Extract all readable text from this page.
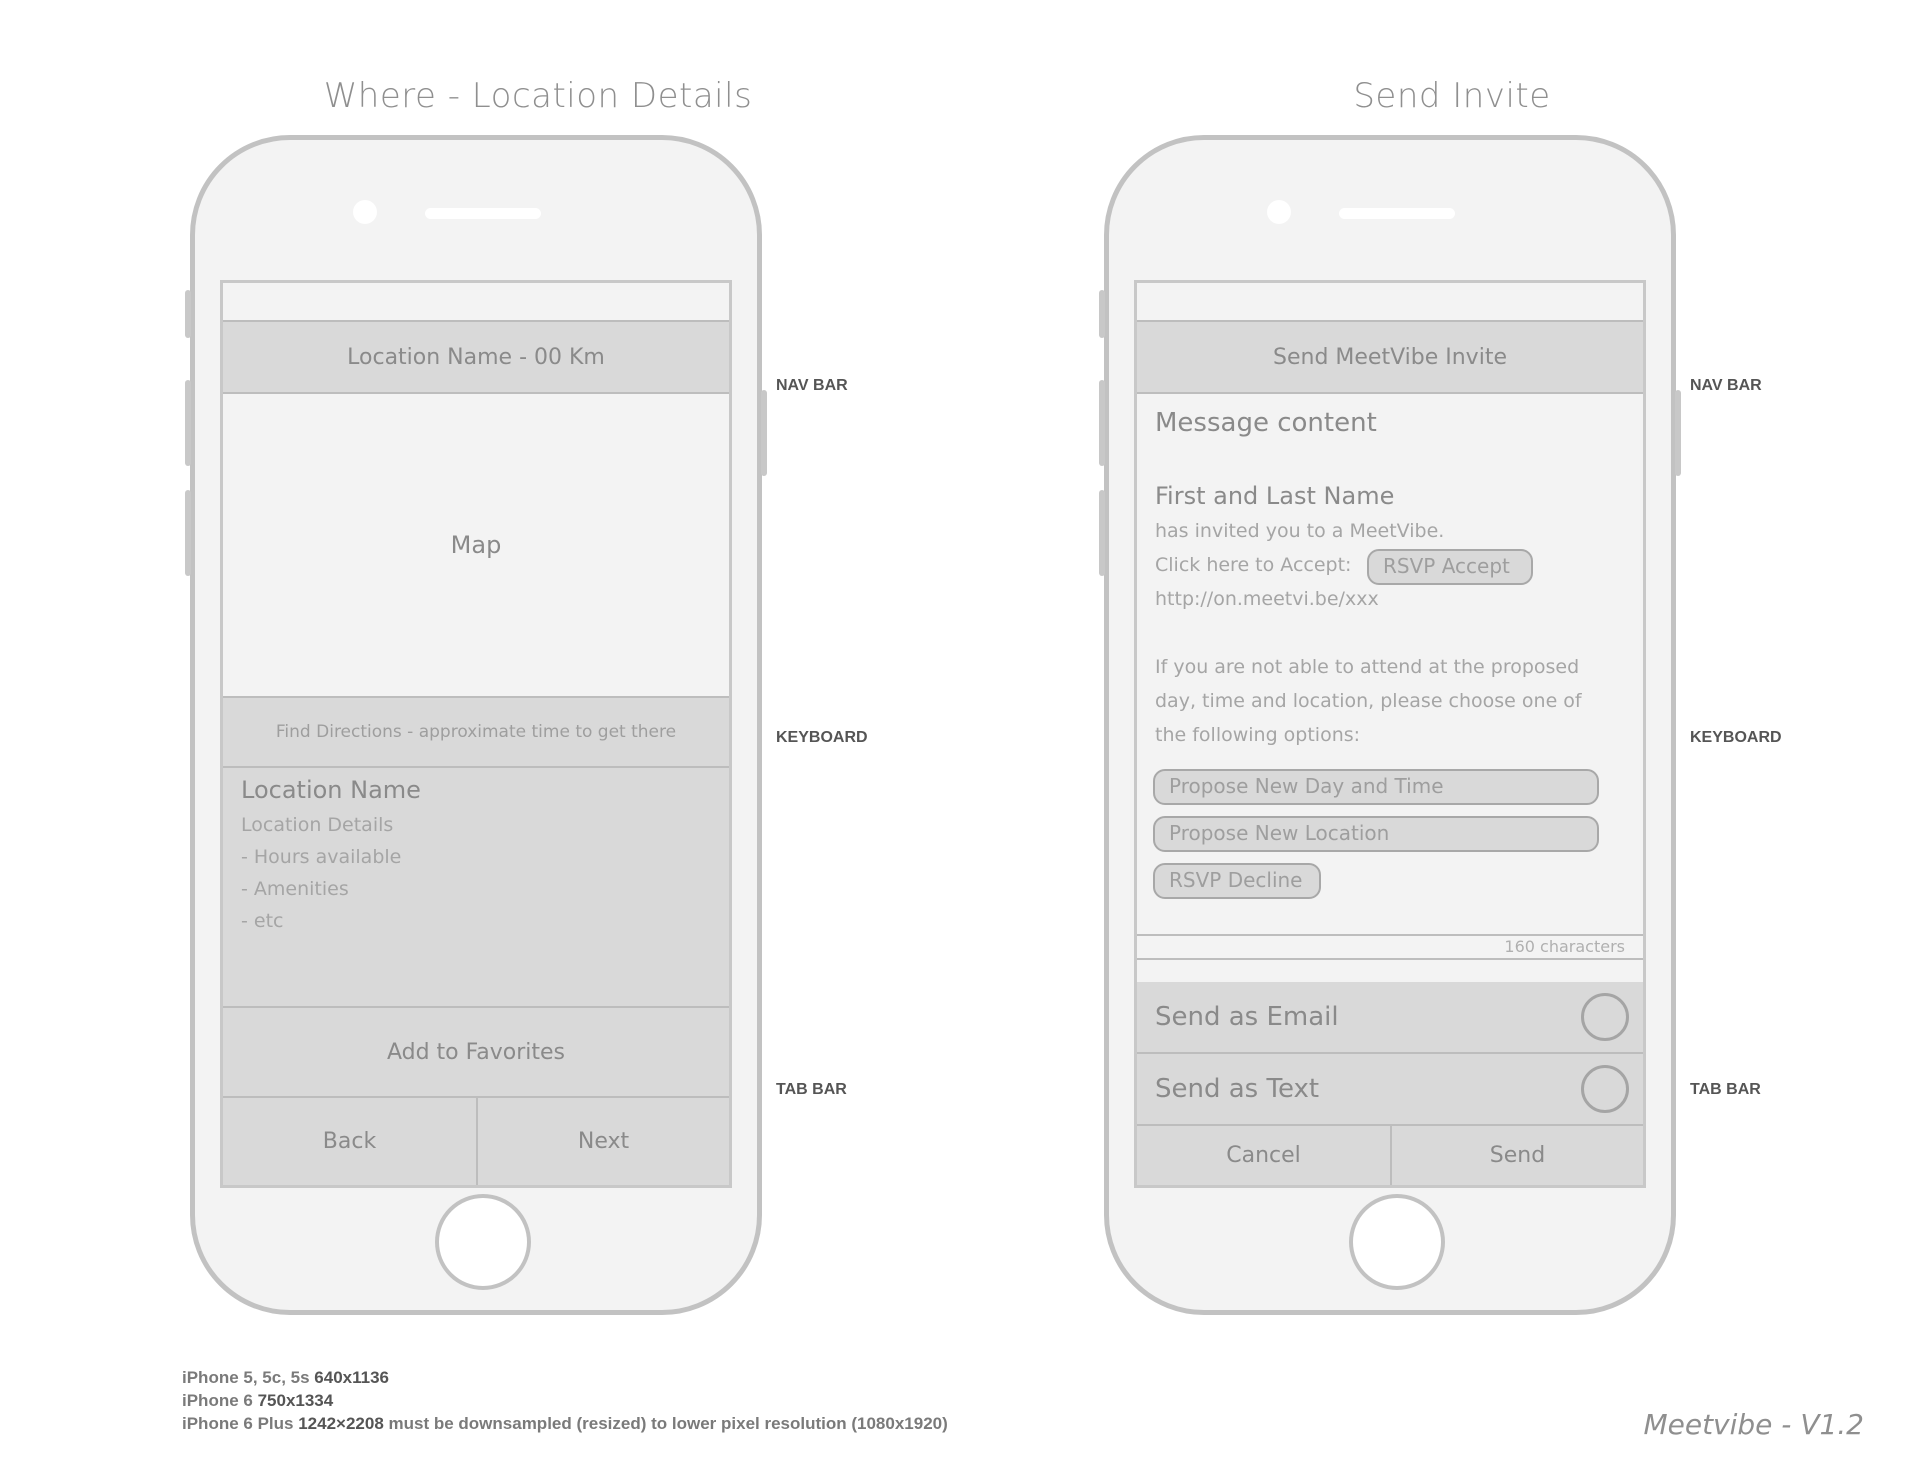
Where - Location Details	Send Invite
Location Name - 00 Km
Map
Find Directions - approximate time to get there
Location Name
Location Details
- Hours available
- Amenities
- etc
Add to Favorites
Back	Next
Send MeetVibe Invite
Message content
First and Last Name
has invited you to a MeetVibe.
Click here to Accept:	RSVP Accept
http://on.meetvi.be/xxx
If you are not able to attend at the proposed
day, time and location, please choose one of
the following options:
Propose New Day and Time
Propose New Location
RSVP Decline
160 characters
Send as Email
Send as Text
Cancel	Send
NAV BAR
KEYBOARD
TAB BAR
NAV BAR
KEYBOARD
TAB BAR
iPhone 5, 5c, 5s 640x1136
iPhone 6 750x1334
iPhone 6 Plus 1242×2208 must be downsampled (resized) to lower pixel resolution (1080x1920)	Meetvibe - V1.2
